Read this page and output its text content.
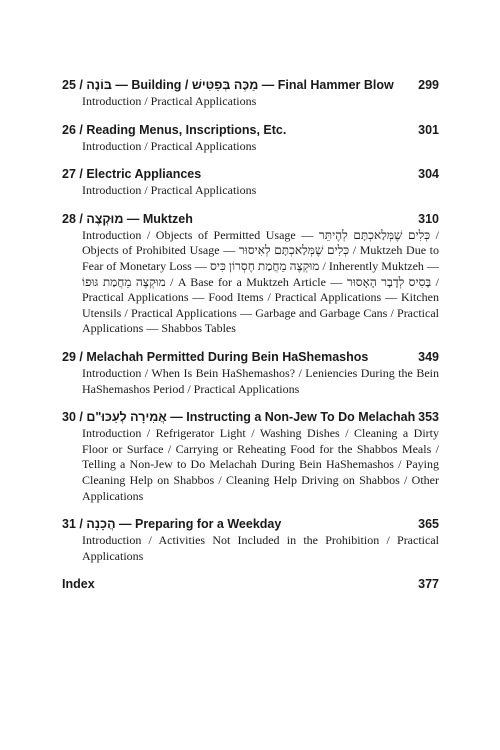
25 / בּוֹנֶה — Building / מַכֶּה בְּפַטִּישׁ — Final Hammer Blow 299
Introduction / Practical Applications
26 / Reading Menus, Inscriptions, Etc.	301
Introduction / Practical Applications
27 / Electric Appliances	304
Introduction / Practical Applications
28 / מוּקְצֶה — Muktzeh	310
Introduction / Objects of Permitted Usage — כְּלִים שֶׁמְּלַאכְתָּם לְהֶיתֵּר / Objects of Prohibited Usage — כְּלִים שֶׁמְּלַאכְתָּם לְאִיסוּר / Muktzeh Due to Fear of Monetary Loss — מוּקְצֶה מֵחֲמַת חֶסְרוֹן כִּיס / Inherently Muktzeh — מוּקְצֶה מֵחֲמַת גּוּפוֹ / A Base for a Muktzeh Article — בָּסִיס לְדָבָר הָאָסוּר / Practical Applications — Food Items / Practical Applications — Kitchen Utensils / Practical Applications — Garbage and Garbage Cans / Practical Applications — Shabbos Tables
29 / Melachah Permitted During Bein HaShemashos	349
Introduction / When Is Bein HaShemashos? / Leniencies During the Bein HaShemashos Period / Practical Applications
30 / אֲמִירָה לְעַכּוּ"ם — Instructing a Non-Jew To Do Melachah 353
Introduction / Refrigerator Light / Washing Dishes / Cleaning a Dirty Floor or Surface / Carrying or Reheating Food for the Shabbos Meals / Telling a Non-Jew to Do Melachah During Bein HaShemashos / Paying Cleaning Help on Shabbos / Cleaning Help Driving on Shabbos / Other Applications
31 / הֲכָנָה — Preparing for a Weekday	365
Introduction / Activities Not Included in the Prohibition / Practical Applications
Index	377
